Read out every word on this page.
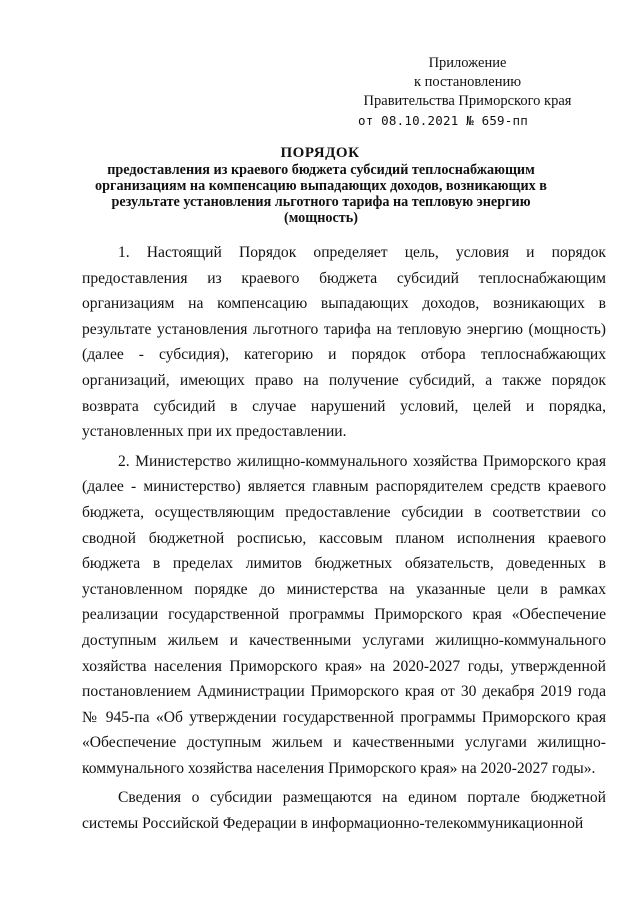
Приложение
к постановлению
Правительства Приморского края
от 08.10.2021 № 659-пп
ПОРЯДОК
предоставления из краевого бюджета субсидий теплоснабжающим организациям на компенсацию выпадающих доходов, возникающих в результате установления льготного тарифа на тепловую энергию (мощность)

1. Настоящий Порядок определяет цель, условия и порядок предоставления из краевого бюджета субсидий теплоснабжающим организациям на компенсацию выпадающих доходов, возникающих в результате установления льготного тарифа на тепловую энергию (мощность) (далее - субсидия), категорию и порядок отбора теплоснабжающих организаций, имеющих право на получение субсидий, а также порядок возврата субсидий в случае нарушений условий, целей и порядка, установленных при их предоставлении.

2. Министерство жилищно-коммунального хозяйства Приморского края (далее - министерство) является главным распорядителем средств краевого бюджета, осуществляющим предоставление субсидии в соответствии со сводной бюджетной росписью, кассовым планом исполнения краевого бюджета в пределах лимитов бюджетных обязательств, доведенных в установленном порядке до министерства на указанные цели в рамках реализации государственной программы Приморского края «Обеспечение доступным жильем и качественными услугами жилищно-коммунального хозяйства населения Приморского края» на 2020-2027 годы, утвержденной постановлением Администрации Приморского края от 30 декабря 2019 года № 945-па «Об утверждении государственной программы Приморского края «Обеспечение доступным жильем и качественными услугами жилищно-коммунального хозяйства населения Приморского края» на 2020-2027 годы».

Сведения о субсидии размещаются на едином портале бюджетной системы Российской Федерации в информационно-телекоммуникационной
